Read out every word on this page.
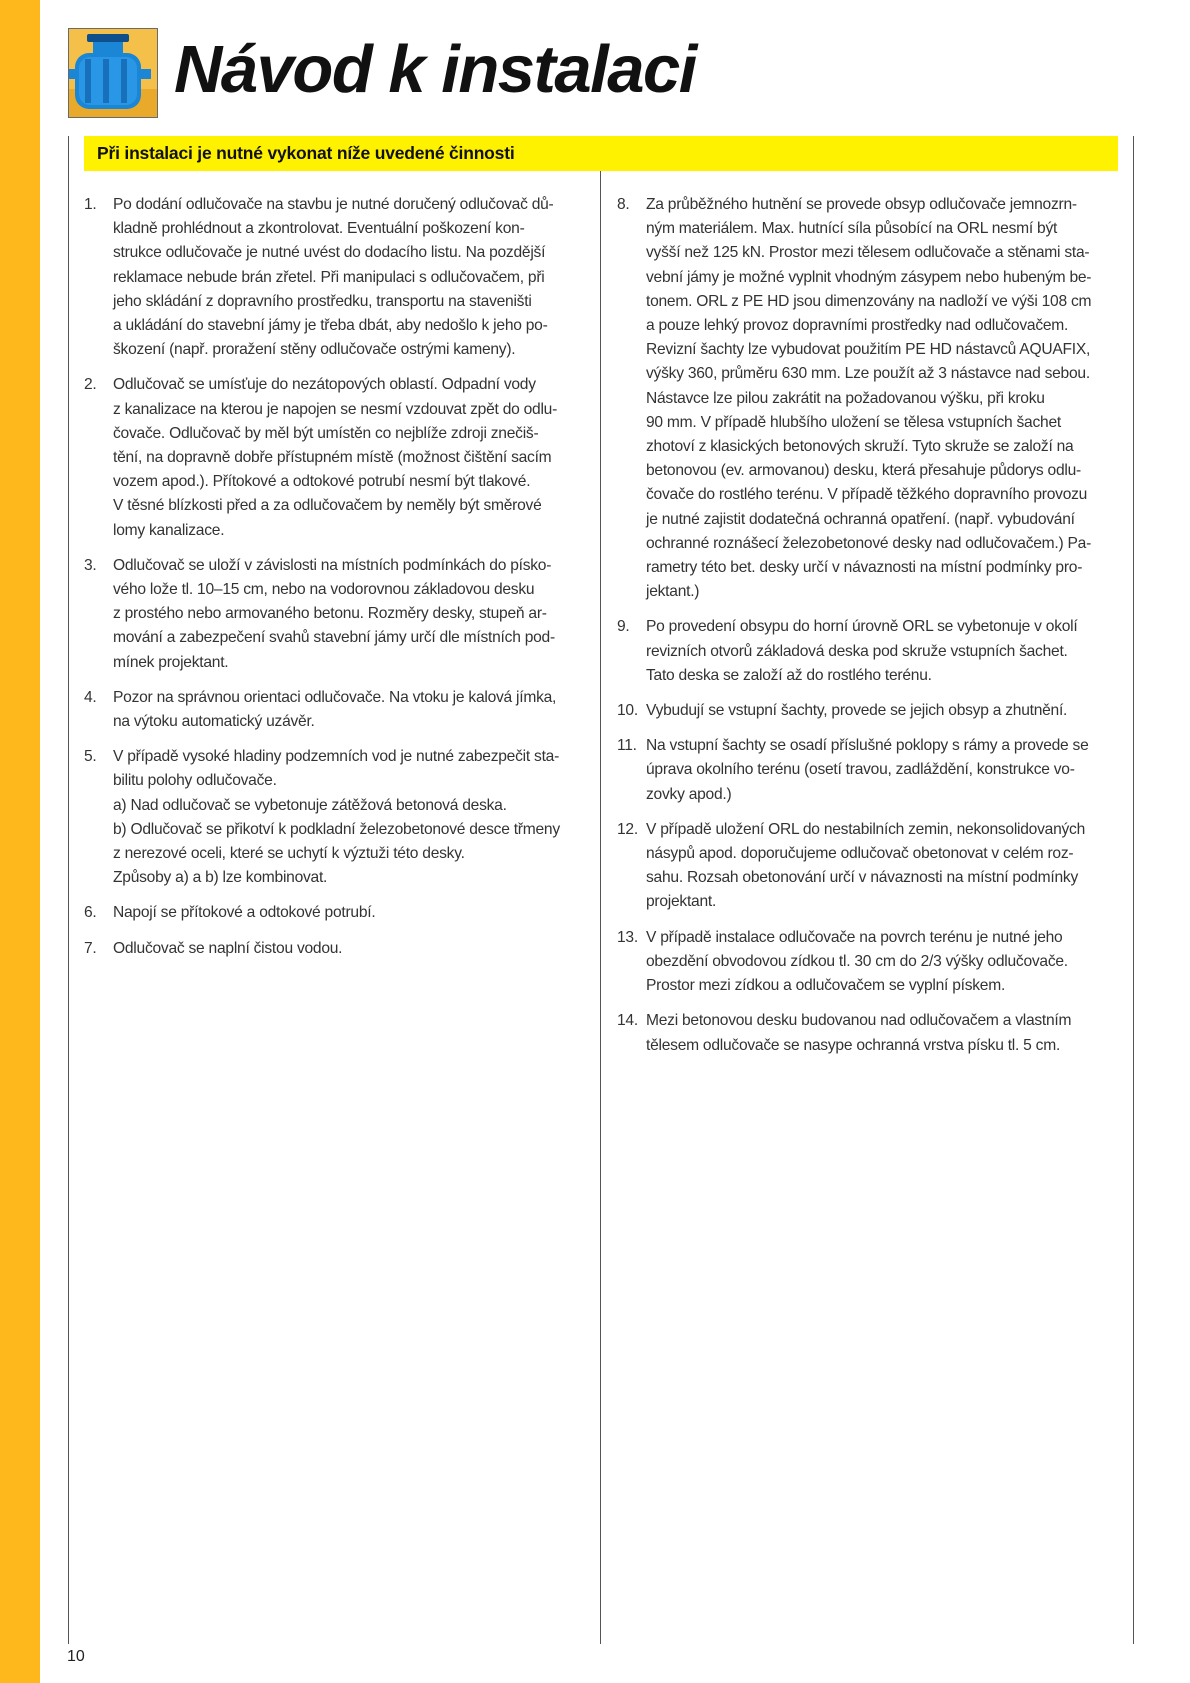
Návod k instalaci
Při instalaci je nutné vykonat níže uvedené činnosti
1. Po dodání odlučovače na stavbu je nutné doručený odlučovač dů-
kladně prohlédnout a zkontrolovat. Eventuální poškození kon-
strukce odlučovače je nutné uvést do dodacího listu. Na pozdější
reklamace nebude brán zřetel. Při manipulaci s odlučovačem, při
jeho skládání z dopravního prostředku, transportu na staveništi
a ukládání do stavební jámy je třeba dbát, aby nedošlo k jeho po-
škození (např. proražení stěny odlučovače ostrými kameny).
2. Odlučovač se umísťuje do nezátopových oblastí. Odpadní vody
z kanalizace na kterou je napojen se nesmí vzdouvat zpět do odlu-
čovače. Odlučovač by měl být umístěn co nejblíže zdroji znečiš-
tění, na dopravně dobře přístupném místě (možnost čištění sacím
vozem apod.). Přítokové a odtokové potrubí nesmí být tlakové.
V těsné blízkosti před a za odlučovačem by neměly být směrové
lomy kanalizace.
3. Odlučovač se uloží v závislosti na místních podmínkách do písko-
vého lože tl. 10–15 cm, nebo na vodorovnou základovou desku
z prostého nebo armovaného betonu. Rozměry desky, stupeň ar-
mování a zabezpečení svahů stavební jámy určí dle místních pod-
mínek projektant.
4. Pozor na správnou orientaci odlučovače. Na vtoku je kalová jímka,
na výtoku automatický uzávěr.
5. V případě vysoké hladiny podzemních vod je nutné zabezpečit sta-
bilitu polohy odlučovače.
a) Nad odlučovač se vybetonuje zátěžová betonová deska.
b) Odlučovač se přikotví k podkladní železobetonové desce třmeny
z nerezové oceli, které se uchytí k výztuži této desky.
Způsoby a) a b) lze kombinovat.
6. Napojí se přítokové a odtokové potrubí.
7. Odlučovač se naplní čistou vodou.
8. Za průběžného hutnění se provede obsyp odlučovače jemnozrn-
ným materiálem. Max. hutnící síla působící na ORL nesmí být
vyšší než 125 kN. Prostor mezi tělesem odlučovače a stěnami sta-
vební jámy je možné vyplnit vhodným zásypem nebo hubeným be-
tonem. ORL z PE HD jsou dimenzovány na nadloží ve výši 108 cm
a pouze lehký provoz dopravními prostředky nad odlučovačem.
Revizní šachty lze vybudovat použitím PE HD nástavců AQUAFIX,
výšky 360, průměru 630 mm. Lze použít až 3 nástavce nad sebou.
Nástavce lze pilou zakrátit na požadovanou výšku, při kroku
90 mm. V případě hlubšího uložení se tělesa vstupních šachet
zhotoví z klasických betonových skruží. Tyto skruže se založí na
betonovou (ev. armovanou) desku, která přesahuje půdorys odlu-
čovače do rostlého terénu. V případě těžkého dopravního provozu
je nutné zajistit dodatečná ochranná opatření. (např. vybudování
ochranné roznášecí železobetonové desky nad odlučovačem.) Pa-
rametry této bet. desky určí v návaznosti na místní podmínky pro-
jektant.)
9. Po provedení obsypu do horní úrovně ORL se vybetonuje v okolí
revizních otvorů základová deska pod skruže vstupních šachet.
Tato deska se založí až do rostlého terénu.
10. Vybudují se vstupní šachty, provede se jejich obsyp a zhutnění.
11. Na vstupní šachty se osadí příslušné poklopy s rámy a provede se
úprava okolního terénu (osetí travou, zadláždění, konstrukce vo-
zovky apod.)
12. V případě uložení ORL do nestabilních zemin, nekonsolidovaných
násypů apod. doporučujeme odlučovač obetonovat v celém roz-
sahu. Rozsah obetonování určí v návaznosti na místní podmínky
projektant.
13. V případě instalace odlučovače na povrch terénu je nutné jeho
obezdění obvodovou zídkou tl. 30 cm do 2/3 výšky odlučovače.
Prostor mezi zídkou a odlučovačem se vyplní pískem.
14. Mezi betonovou desku budovanou nad odlučovačem a vlastním
tělesem odlučovače se nasype ochranná vrstva písku tl. 5 cm.
10
